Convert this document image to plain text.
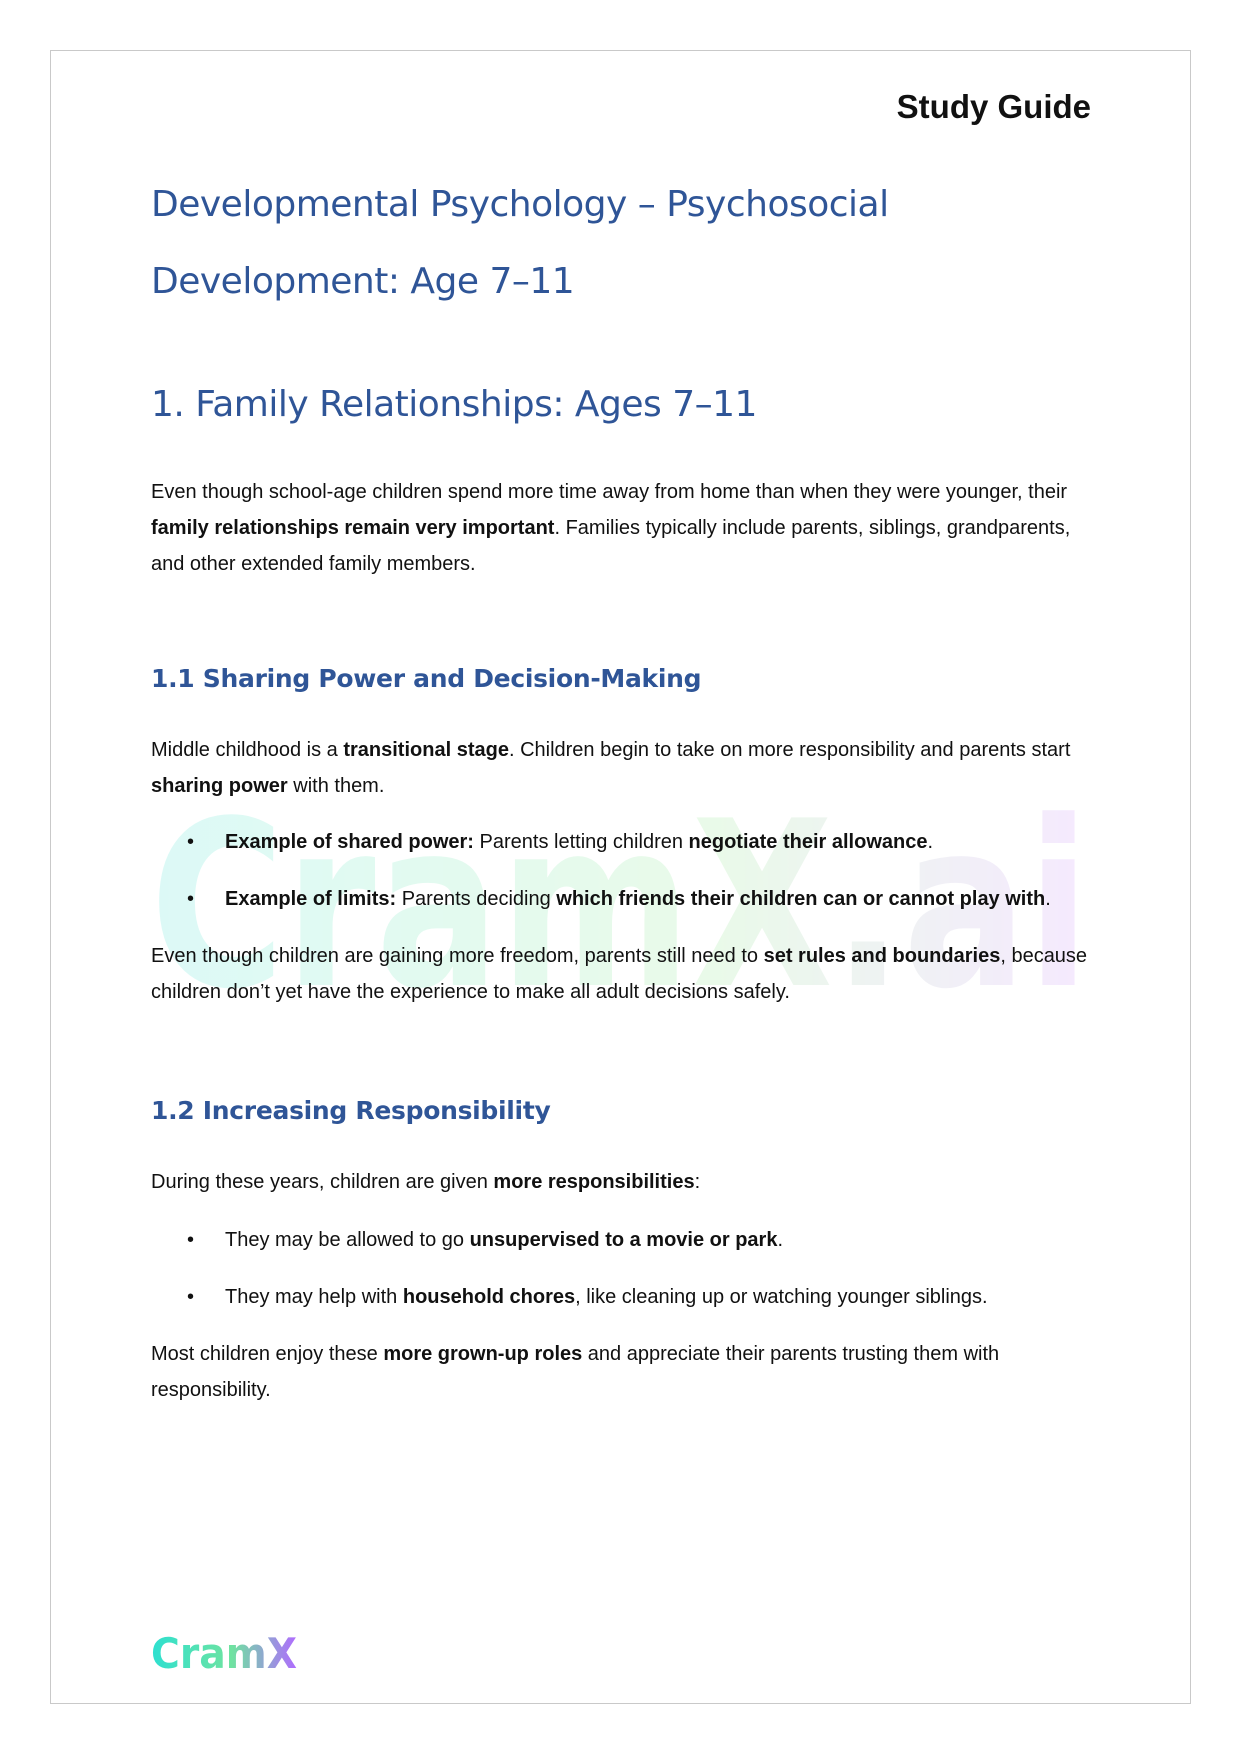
CramX.ai
Study Guide
Developmental Psychology – Psychosocial
Development: Age 7–11
1. Family Relationships: Ages 7–11

Even though school-age children spend more time away from home than when they were younger, their family relationships remain very important. Families typically include parents, siblings, grandparents, and other extended family members.

1.1 Sharing Power and Decision-Making

Middle childhood is a transitional stage. Children begin to take on more responsibility and parents start sharing power with them.

• Example of shared power: Parents letting children negotiate their allowance.
• Example of limits: Parents deciding which friends their children can or cannot play with.

Even though children are gaining more freedom, parents still need to set rules and boundaries, because children don’t yet have the experience to make all adult decisions safely.

1.2 Increasing Responsibility

During these years, children are given more responsibilities:

• They may be allowed to go unsupervised to a movie or park.
• They may help with household chores, like cleaning up or watching younger siblings.

Most children enjoy these more grown-up roles and appreciate their parents trusting them with responsibility.

CramX
